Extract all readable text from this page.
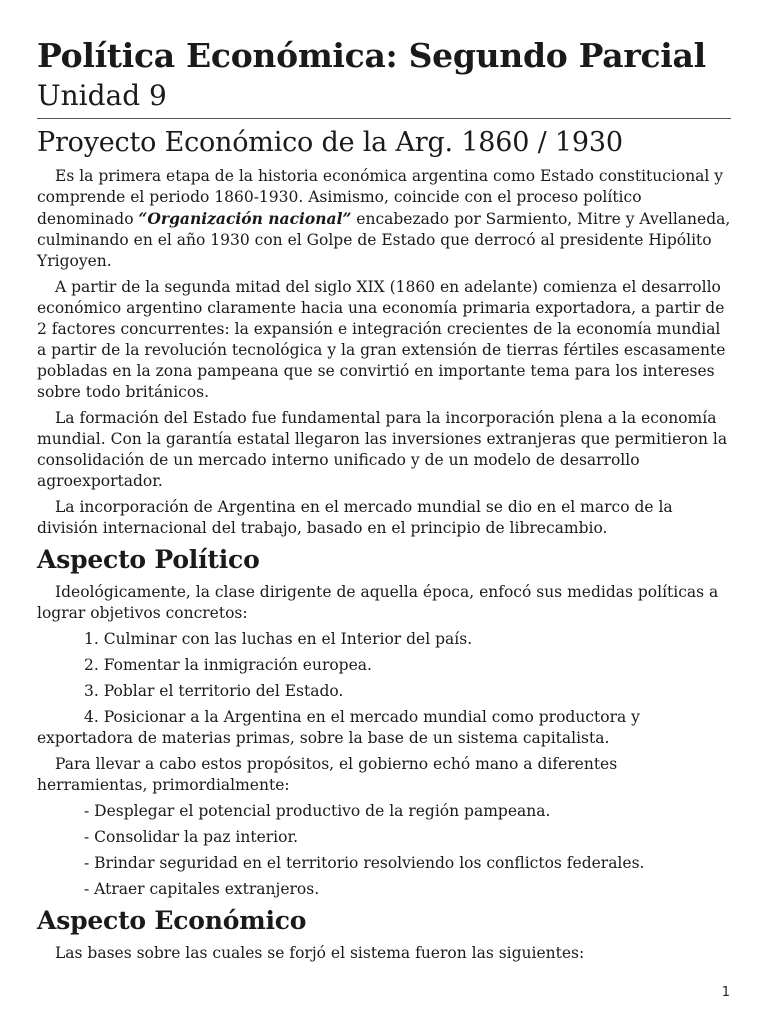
Política Económica: Segundo Parcial
Unidad 9
Proyecto Económico de la Arg. 1860 / 1930

Es la primera etapa de la historia económica argentina como Estado constitucional y comprende el periodo 1860-1930. Asimismo, coincide con el proceso político denominado “Organización nacional” encabezado por Sarmiento, Mitre y Avellaneda, culminando en el año 1930 con el Golpe de Estado que derrocó al presidente Hipólito Yrigoyen.

A partir de la segunda mitad del siglo XIX (1860 en adelante) comienza el desarrollo económico argentino claramente hacia una economía primaria exportadora, a partir de 2 factores concurrentes: la expansión e integración crecientes de la economía mundial a partir de la revolución tecnológica y la gran extensión de tierras fértiles escasamente pobladas en la zona pampeana que se convirtió en importante tema para los intereses sobre todo británicos.

La formación del Estado fue fundamental para la incorporación plena a la economía mundial. Con la garantía estatal llegaron las inversiones extranjeras que permitieron la consolidación de un mercado interno unificado y de un modelo de desarrollo agroexportador.

La incorporación de Argentina en el mercado mundial se dio en el marco de la división internacional del trabajo, basado en el principio de librecambio.

Aspecto Político

Ideológicamente, la clase dirigente de aquella época, enfocó sus medidas políticas a lograr objetivos concretos:

1. Culminar con las luchas en el Interior del país.

2. Fomentar la inmigración europea.

3. Poblar el territorio del Estado.

4. Posicionar a la Argentina en el mercado mundial como productora y exportadora de materias primas, sobre la base de un sistema capitalista.

Para llevar a cabo estos propósitos, el gobierno echó mano a diferentes herramientas, primordialmente:

- Desplegar el potencial productivo de la región pampeana.

- Consolidar la paz interior.

- Brindar seguridad en el territorio resolviendo los conflictos federales.

- Atraer capitales extranjeros.

Aspecto Económico

Las bases sobre las cuales se forjó el sistema fueron las siguientes:

1
